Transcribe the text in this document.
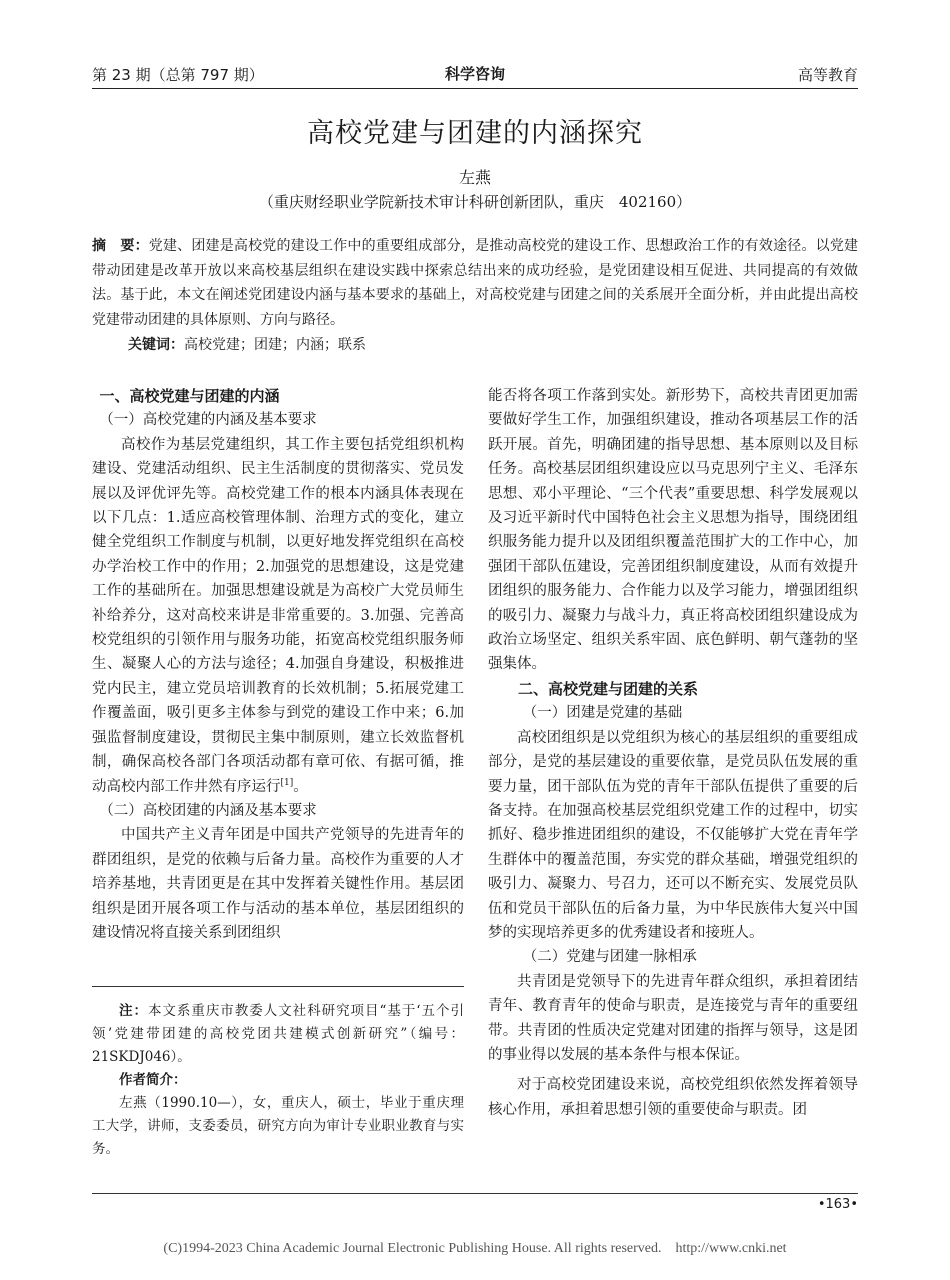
第 23 期（总第 797 期）	科学咨询	高等教育
高校党建与团建的内涵探究
左燕
（重庆财经职业学院新技术审计科研创新团队，重庆　402160）
摘　要：党建、团建是高校党的建设工作中的重要组成部分，是推动高校党的建设工作、思想政治工作的有效途径。以党建带动团建是改革开放以来高校基层组织在建设实践中探索总结出来的成功经验，是党团建设相互促进、共同提高的有效做法。基于此，本文在阐述党团建设内涵与基本要求的基础上，对高校党建与团建之间的关系展开全面分析，并由此提出高校党建带动团建的具体原则、方向与路径。
关键词：高校党建；团建；内涵；联系
一、高校党建与团建的内涵
（一）高校党建的内涵及基本要求

高校作为基层党建组织，其工作主要包括党组织机构建设、党建活动组织、民主生活制度的贯彻落实、党员发展以及评优评先等。高校党建工作的根本内涵具体表现在以下几点：1.适应高校管理体制、治理方式的变化，建立健全党组织工作制度与机制，以更好地发挥党组织在高校办学治校工作中的作用；2.加强党的思想建设，这是党建工作的基础所在。加强思想建设就是为高校广大党员师生补给养分，这对高校来讲是非常重要的。3.加强、完善高校党组织的引领作用与服务功能，拓宽高校党组织服务师生、凝聚人心的方法与途径；4.加强自身建设，积极推进党内民主，建立党员培训教育的长效机制；5.拓展党建工作覆盖面，吸引更多主体参与到党的建设工作中来；6.加强监督制度建设，贯彻民主集中制原则，建立长效监督机制，确保高校各部门各项活动都有章可依、有据可循，推动高校内部工作井然有序运行[1]。

（二）高校团建的内涵及基本要求

中国共产主义青年团是中国共产党领导的先进青年的群团组织，是党的依赖与后备力量。高校作为重要的人才培养基地，共青团更是在其中发挥着关键性作用。基层团组织是团开展各项工作与活动的基本单位，基层团组织的建设情况将直接关系到团组织

注：本文系重庆市教委人文社科研究项目“基于‘五个引领’党建带团建的高校党团共建模式创新研究”（编号：21SKDJ046）。

作者简介：

左燕（1990.10—），女，重庆人，硕士，毕业于重庆理工大学，讲师，支委委员，研究方向为审计专业职业教育与实务。

能否将各项工作落到实处。新形势下，高校共青团更加需要做好学生工作，加强组织建设，推动各项基层工作的活跃开展。首先，明确团建的指导思想、基本原则以及目标任务。高校基层团组织建设应以马克思列宁主义、毛泽东思想、邓小平理论、“三个代表”重要思想、科学发展观以及习近平新时代中国特色社会主义思想为指导，围绕团组织服务能力提升以及团组织覆盖范围扩大的工作中心，加强团干部队伍建设，完善团组织制度建设，从而有效提升团组织的服务能力、合作能力以及学习能力，增强团组织的吸引力、凝聚力与战斗力，真正将高校团组织建设成为政治立场坚定、组织关系牢固、底色鲜明、朝气蓬勃的坚强集体。

二、高校党建与团建的关系
（一）团建是党建的基础

高校团组织是以党组织为核心的基层组织的重要组成部分，是党的基层建设的重要依靠，是党员队伍发展的重要力量，团干部队伍为党的青年干部队伍提供了重要的后备支持。在加强高校基层党组织党建工作的过程中，切实抓好、稳步推进团组织的建设，不仅能够扩大党在青年学生群体中的覆盖范围，夯实党的群众基础，增强党组织的吸引力、凝聚力、号召力，还可以不断充实、发展党员队伍和党员干部队伍的后备力量，为中华民族伟大复兴中国梦的实现培养更多的优秀建设者和接班人。

（二）党建与团建一脉相承

共青团是党领导下的先进青年群众组织，承担着团结青年、教育青年的使命与职责，是连接党与青年的重要纽带。共青团的性质决定党建对团建的指挥与领导，这是团的事业得以发展的基本条件与根本保证。

对于高校党团建设来说，高校党组织依然发挥着领导核心作用，承担着思想引领的重要使命与职责。团

•163•
(C)1994-2023 China Academic Journal Electronic Publishing House. All rights reserved.　http://www.cnki.net
